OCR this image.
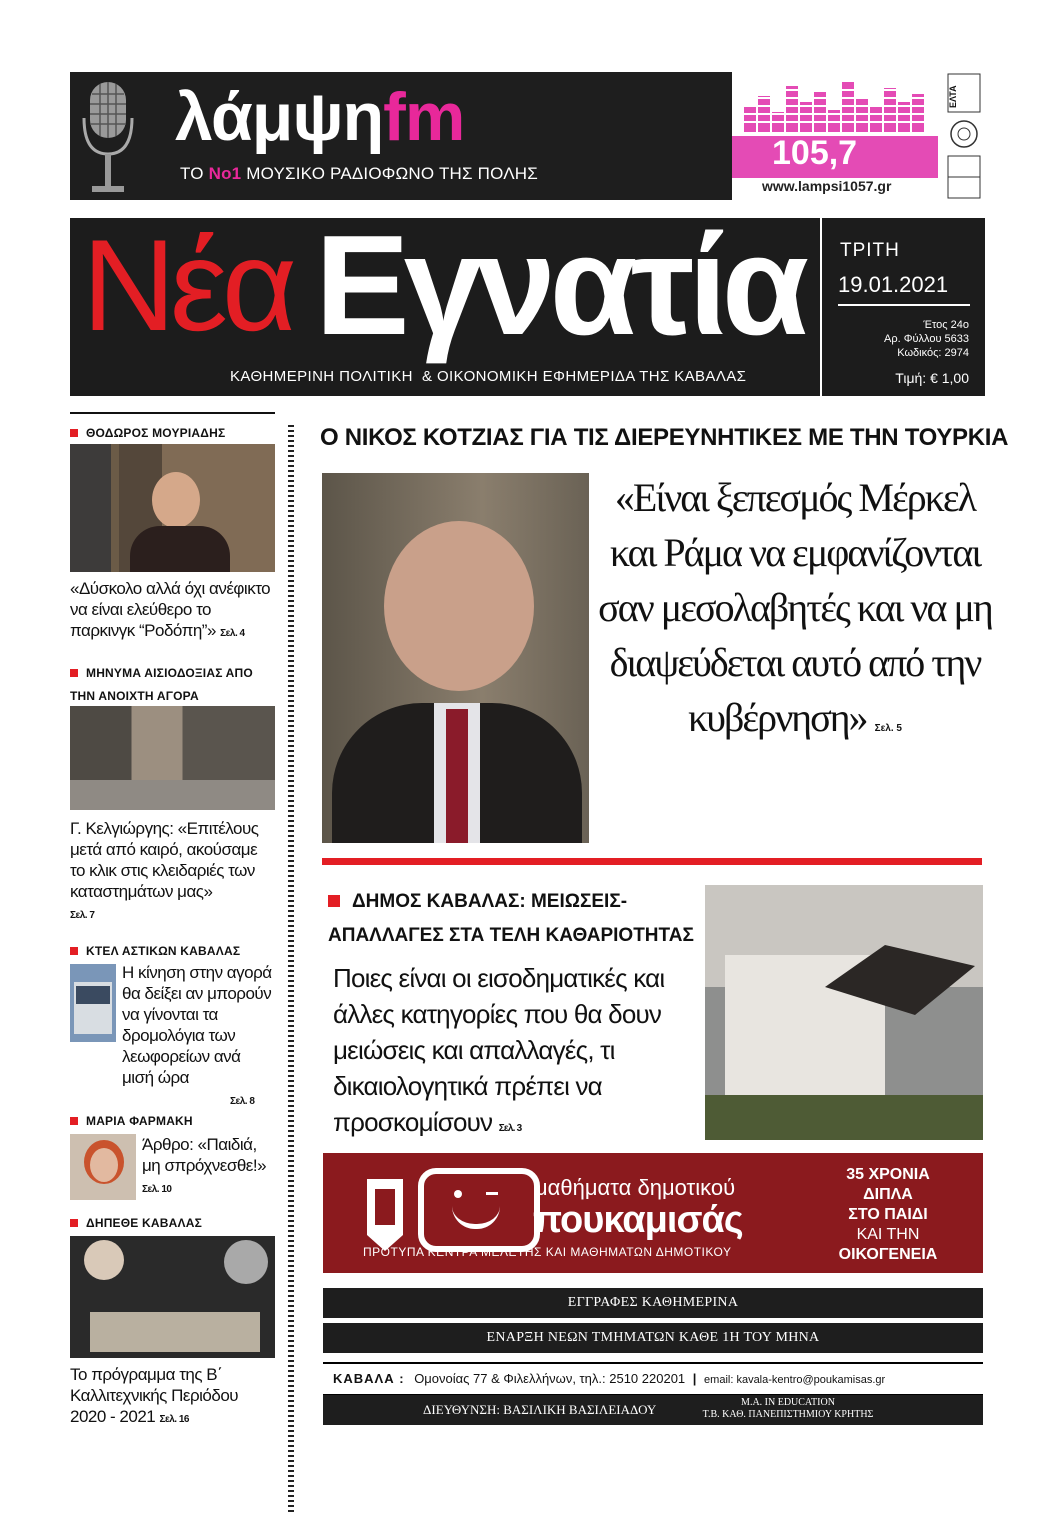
λάμψηfm
ΤΟ No1 ΜΟΥΣΙΚΟ ΡΑΔΙΟΦΩΝΟ ΤΗΣ ΠΟΛΗΣ
105,7
www.lampsi1057.gr
ΕΛΤΑ
Νέα Εγνατία
ΚΑΘΗΜΕΡΙΝΗ ΠΟΛΙΤΙΚΗ  & ΟΙΚΟΝΟΜΙΚΗ ΕΦΗΜΕΡΙΔΑ ΤΗΣ ΚΑΒΑΛΑΣ
ΤΡΙΤΗ
19.01.2021
Έτος 24ο
Αρ. Φύλλου 5633
Κωδικός: 2974
Τιμή: € 1,00
ΘΟΔΩΡΟΣ ΜΟΥΡΙΑΔΗΣ
«Δύσκολο αλλά όχι ανέφικτο να είναι ελεύθερο το παρκινγκ “Ροδόπη”» Σελ. 4
ΜΗΝΥΜΑ ΑΙΣΙΟΔΟΞΙΑΣ ΑΠΟ ΤΗΝ ΑΝΟΙΧΤΗ ΑΓΟΡΑ
Γ. Κελγιώργης: «Επιτέλους μετά από καιρό, ακούσαμε το κλικ στις κλειδαριές των καταστημάτων μας»
Σελ. 7
ΚΤΕΛ ΑΣΤΙΚΩΝ ΚΑΒΑΛΑΣ
Η κίνηση στην αγορά θα δείξει αν μπορούν να γίνονται τα δρομολόγια των λεωφορείων ανά μισή ώρα
Σελ. 8
ΜΑΡΙΑ ΦΑΡΜΑΚΗ
Άρθρο: «Παιδιά, μη σπρόχνεσθε!» Σελ. 10
ΔΗΠΕΘΕ ΚΑΒΑΛΑΣ
Το πρόγραμμα της Β΄ Καλλιτεχνικής Περιόδου 2020 - 2021 Σελ. 16
Ο ΝΙΚΟΣ ΚΟΤΖΙΑΣ ΓΙΑ ΤΙΣ ΔΙΕΡΕΥΝΗΤΙΚΕΣ ΜΕ ΤΗΝ ΤΟΥΡΚΙΑ
«Είναι ξεπεσμός Μέρκελ και Ράμα να εμφανίζονται σαν μεσολαβητές και να μη διαψεύδεται αυτό από την κυβέρνηση» Σελ. 5
ΔΗΜΟΣ ΚΑΒΑΛΑΣ: ΜΕΙΩΣΕΙΣ- ΑΠΑΛΛΑΓΕΣ ΣΤΑ ΤΕΛΗ ΚΑΘΑΡΙΟΤΗΤΑΣ
Ποιες είναι οι εισοδηματικές και άλλες κατηγορίες που θα δουν μειώσεις και απαλλαγές, τι δικαιολογητικά πρέπει να προσκομίσουν Σελ. 3
μαθήματα δημοτικού
πουκαμισάς
ΠΡΟΤΥΠΑ ΚΕΝΤΡΑ ΜΕΛΕΤΗΣ ΚΑΙ ΜΑΘΗΜΑΤΩΝ ΔΗΜΟΤΙΚΟΥ
35 ΧΡΟΝΙΑ
ΔΙΠΛΑ
ΣΤΟ ΠΑΙΔΙ
ΚΑΙ ΤΗΝ
ΟΙΚΟΓΕΝΕΙΑ
ΕΓΓΡΑΦΕΣ ΚΑΘΗΜΕΡΙΝΑ
ΕΝΑΡΞΗ ΝΕΩΝ ΤΜΗΜΑΤΩΝ ΚΑΘΕ 1Η ΤΟΥ ΜΗΝΑ
ΚΑΒΑΛΑ : Ομονοίας 77 & Φιλελλήνων, τηλ.: 2510 220201 | email: kavala-kentro@poukamisas.gr
ΔΙΕΥΘΥΝΣΗ: ΒΑΣΙΛΙΚΗ ΒΑΣΙΛΕΙΑΔΟΥ	M.A. IN EDUCATION
Τ.Β. ΚΑΘ. ΠΑΝΕΠΙΣΤΗΜΙΟΥ ΚΡΗΤΗΣ
